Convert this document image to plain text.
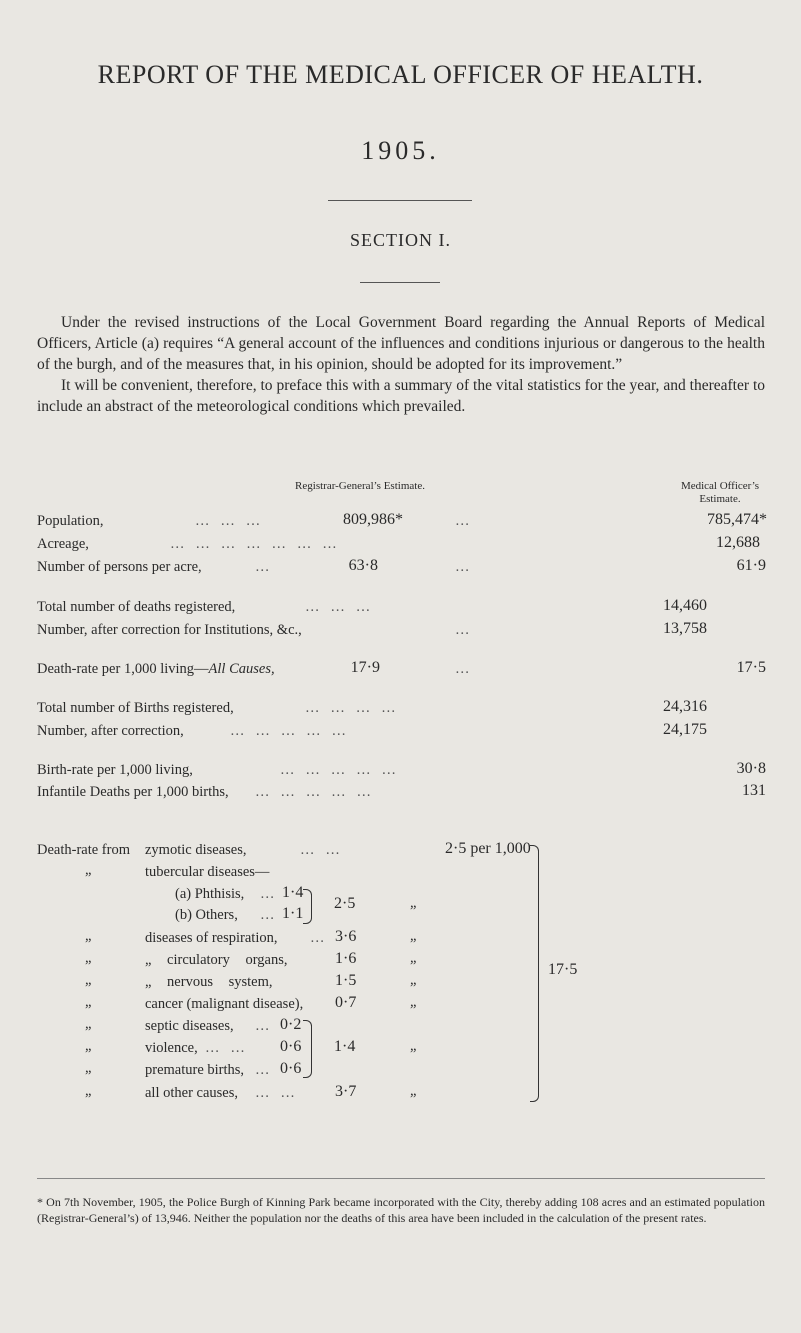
REPORT OF THE MEDICAL OFFICER OF HEALTH.
1905.
SECTION I.

Under the revised instructions of the Local Government Board regarding the Annual Reports of Medical Officers, Article (a) requires “A general account of the influences and conditions injurious or dangerous to the health of the burgh, and of the measures that, in his opinion, should be adopted for its improvement.”

It will be convenient, therefore, to preface this with a summary of the vital statistics for the year, and thereafter to include an abstract of the meteorological conditions which prevailed.

Registrar-General’s Estimate.	Medical Officer’s Estimate.
Population,	…   …   …	809,986*	…	785,474*
Acreage,	…   …   …   …   …   …   …	12,688
Number of persons per acre,	…	63·8	…	61·9
Total number of deaths registered,	…   …   …	14,460
Number, after correction for Institutions, &c.,	…	13,758
Death-rate per 1,000 living—All Causes,	17·9	…	17·5
Total number of Births registered,	…   …   …   …	24,316
Number, after correction,	…   …   …   …   …	24,175
Birth-rate per 1,000 living,	…   …   …   …   …	30·8
Infantile Deaths per 1,000 births, …   …   …   …   …	131
Death-rate from zymotic diseases,	…   …	2·5 per 1,000
„	tubercular diseases—
(a) Phthisis, … 1·4
(b) Others, … 1·1
2·5	„
„	diseases of respiration, … 3·6	„
„	„ circulatory organs,	1·6	„
„	„ nervous system,	1·5	„
„	cancer (malignant disease), 0·7	„
„	septic diseases, … 0·2
„	violence, …   … 0·6
„	premature births, … 0·6
1·4	„
„	all other causes, …   …	3·7	„
17·5
* On 7th November, 1905, the Police Burgh of Kinning Park became incorporated with the City, thereby adding 108 acres and an estimated population (Registrar-General’s) of 13,946. Neither the population nor the deaths of this area have been included in the calculation of the present rates.
